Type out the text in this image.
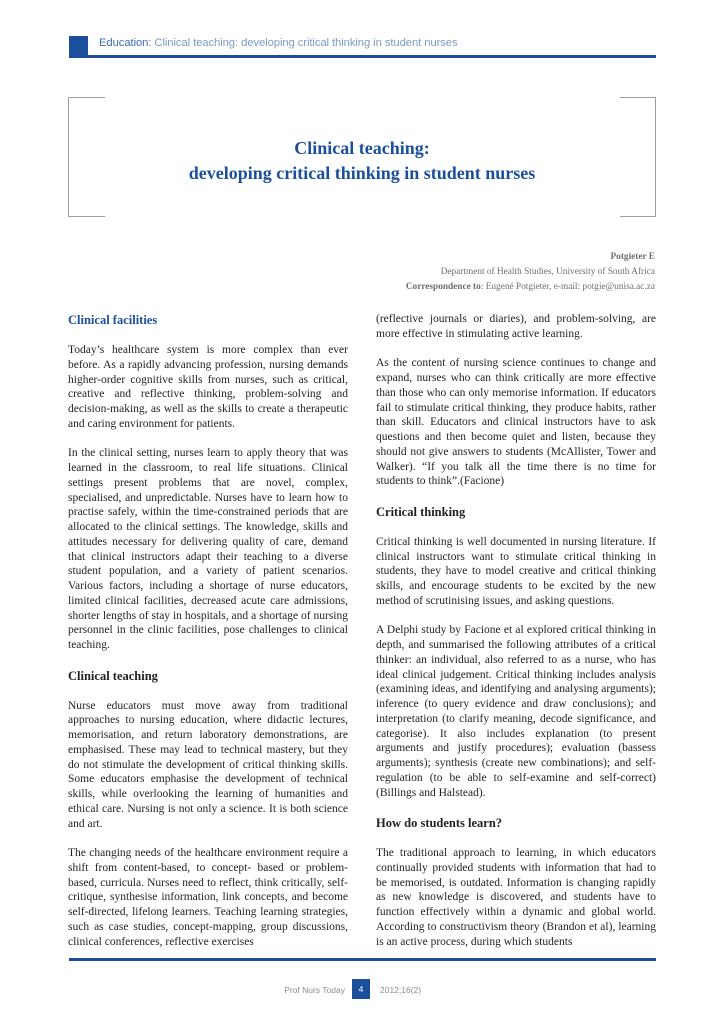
Education: Clinical teaching: developing critical thinking in student nurses
Clinical teaching:
developing critical thinking in student nurses
Potgieter E
Department of Health Studies, University of South Africa
Correspondence to: Eugené Potgieter, e-mail: potgie@unisa.ac.za
Clinical facilities

Today’s healthcare system is more complex than ever before. As a rapidly advancing profession, nursing demands higher-order cognitive skills from nurses, such as critical, creative and reflective thinking, problem-solving and decision-making, as well as the skills to create a therapeutic and caring environment for patients.

In the clinical setting, nurses learn to apply theory that was learned in the classroom, to real life situations. Clinical settings present problems that are novel, complex, specialised, and unpredictable. Nurses have to learn how to practise safely, within the time-constrained periods that are allocated to the clinical settings. The knowledge, skills and attitudes necessary for delivering quality of care, demand that clinical instructors adapt their teaching to a diverse student population, and a variety of patient scenarios. Various factors, including a shortage of nurse educators, limited clinical facilities, decreased acute care admissions, shorter lengths of stay in hospitals, and a shortage of nursing personnel in the clinic facilities, pose challenges to clinical teaching.

Clinical teaching

Nurse educators must move away from traditional approaches to nursing education, where didactic lectures, memorisation, and return laboratory demonstrations, are emphasised. These may lead to technical mastery, but they do not stimulate the development of critical thinking skills. Some educators emphasise the development of technical skills, while overlooking the learning of humanities and ethical care. Nursing is not only a science. It is both science and art.

The changing needs of the healthcare environment require a shift from content-based, to concept- based or problem-based, curricula. Nurses need to reflect, think critically, self-critique, synthesise information, link concepts, and become self-directed, lifelong learners. Teaching learning strategies, such as case studies, concept-mapping, group discussions, clinical conferences, reflective exercises

(reflective journals or diaries), and problem-solving, are more effective in stimulating active learning.

As the content of nursing science continues to change and expand, nurses who can think critically are more effective than those who can only memorise information. If educators fail to stimulate critical thinking, they produce habits, rather than skill. Educators and clinical instructors have to ask questions and then become quiet and listen, because they should not give answers to students (McAllister, Tower and Walker). “If you talk all the time there is no time for students to think”.(Facione)

Critical thinking

Critical thinking is well documented in nursing literature. If clinical instructors want to stimulate critical thinking in students, they have to model creative and critical thinking skills, and encourage students to be excited by the new method of scrutinising issues, and asking questions.

A Delphi study by Facione et al explored critical thinking in depth, and summarised the following attributes of a critical thinker: an individual, also referred to as a nurse, who has ideal clinical judgement. Critical thinking includes analysis (examining ideas, and identifying and analysing arguments); inference (to query evidence and draw conclusions); and interpretation (to clarify meaning, decode significance, and categorise). It also includes explanation (to present arguments and justify procedures); evaluation (bassess arguments); synthesis (create new combinations); and self-regulation (to be able to self-examine and self-correct) (Billings and Halstead).

How do students learn?

The traditional approach to learning, in which educators continually provided students with information that had to be memorised, is outdated. Information is changing rapidly as new knowledge is discovered, and students have to function effectively within a dynamic and global world. According to constructivism theory (Brandon et al), learning is an active process, during which students

Prof Nurs Today	4	2012;16(2)
